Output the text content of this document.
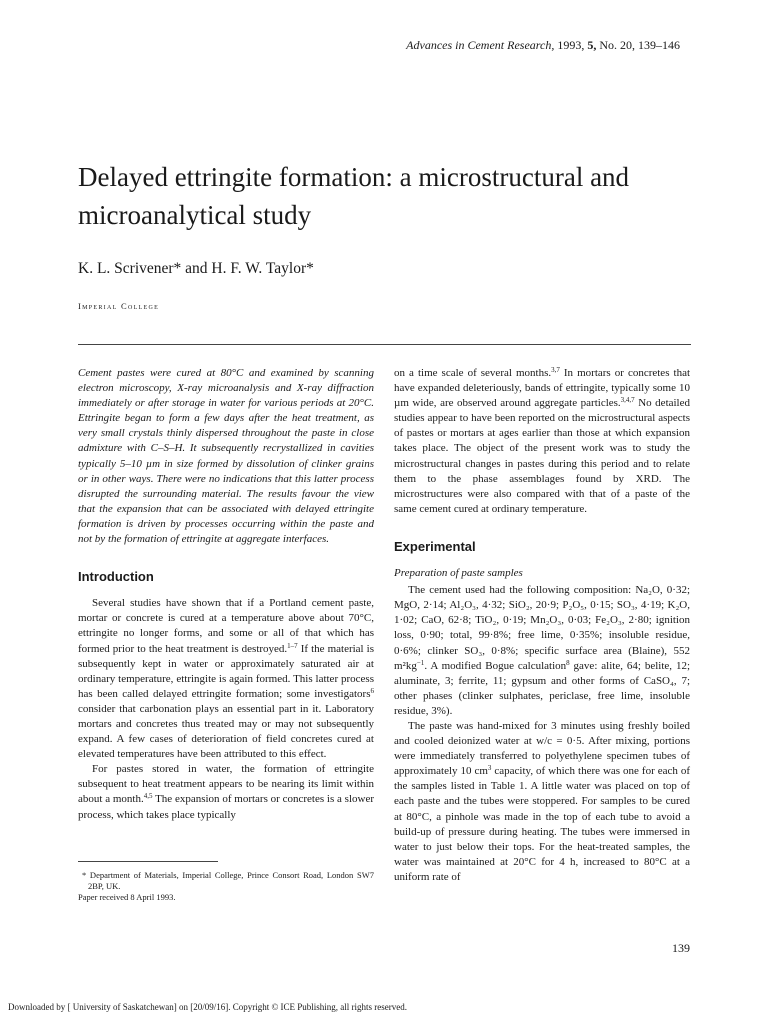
Advances in Cement Research, 1993, 5, No. 20, 139–146
Delayed ettringite formation: a microstructural and microanalytical study
K. L. Scrivener* and H. F. W. Taylor*
Imperial College

Cement pastes were cured at 80°C and examined by scanning electron microscopy, X-ray microanalysis and X-ray diffraction immediately or after storage in water for various periods at 20°C. Ettringite began to form a few days after the heat treatment, as very small crystals thinly dispersed throughout the paste in close admixture with C–S–H. It subsequently recrystallized in cavities typically 5–10 µm in size formed by dissolution of clinker grains or in other ways. There were no indications that this latter process disrupted the surrounding material. The results favour the view that the expansion that can be associated with delayed ettringite formation is driven by processes occurring within the paste and not by the formation of ettringite at aggregate interfaces.

Introduction

Several studies have shown that if a Portland cement paste, mortar or concrete is cured at a temperature above about 70°C, ettringite no longer forms, and some or all of that which has formed prior to the heat treatment is destroyed.$^{1-7}$ If the material is subsequently kept in water or approximately saturated air at ordinary temperature, ettringite is again formed. This latter process has been called delayed ettringite formation; some investigators$^6$ consider that carbonation plays an essential part in it. Laboratory mortars and concretes thus treated may or may not subsequently expand. A few cases of deterioration of field concretes cured at elevated temperatures have been attributed to this effect.

For pastes stored in water, the formation of ettringite subsequent to heat treatment appears to be nearing its limit within about a month.$^{4,5}$ The expansion of mortars or concretes is a slower process, which takes place typically

* Department of Materials, Imperial College, Prince Consort Road, London SW7 2BP, UK.

Paper received 8 April 1993.

on a time scale of several months.$^{3,7}$ In mortars or concretes that have expanded deleteriously, bands of ettringite, typically some 10 µm wide, are observed around aggregate particles.$^{3,4,7}$ No detailed studies appear to have been reported on the microstructural aspects of pastes or mortars at ages earlier than those at which expansion takes place. The object of the present work was to study the microstructural changes in pastes during this period and to relate them to the phase assemblages found by XRD. The microstructures were also compared with that of a paste of the same cement cured at ordinary temperature.

Experimental
Preparation of paste samples

The cement used had the following composition: Na₂O, 0·32; MgO, 2·14; Al₂O₃, 4·32; SiO₂, 20·9; P₂O₅, 0·15; SO₃, 4·19; K₂O, 1·02; CaO, 62·8; TiO₂, 0·19; Mn₂O₃, 0·03; Fe₂O₃, 2·80; ignition loss, 0·90; total, 99·8%; free lime, 0·35%; insoluble residue, 0·6%; clinker SO₃, 0·8%; specific surface area (Blaine), 552 $m^2kg^{-1}$. A modified Bogue calculation$^8$ gave: alite, 64; belite, 12; aluminate, 3; ferrite, 11; gypsum and other forms of CaSO₄, 7; other phases (clinker sulphates, periclase, free lime, insoluble residue, 3%).

The paste was hand-mixed for 3 minutes using freshly boiled and cooled deionized water at w/c = 0·5. After mixing, portions were immediately transferred to polyethylene specimen tubes of approximately 10 $cm^3$ capacity, of which there was one for each of the samples listed in Table 1. A little water was placed on top of each paste and the tubes were stoppered. For samples to be cured at 80°C, a pinhole was made in the top of each tube to avoid a build-up of pressure during heating. The tubes were immersed in water to just below their tops. For the heat-treated samples, the water was maintained at 20°C for 4 h, increased to 80°C at a uniform rate of

139
Downloaded by [ University of Saskatchewan] on [20/09/16]. Copyright © ICE Publishing, all rights reserved.
